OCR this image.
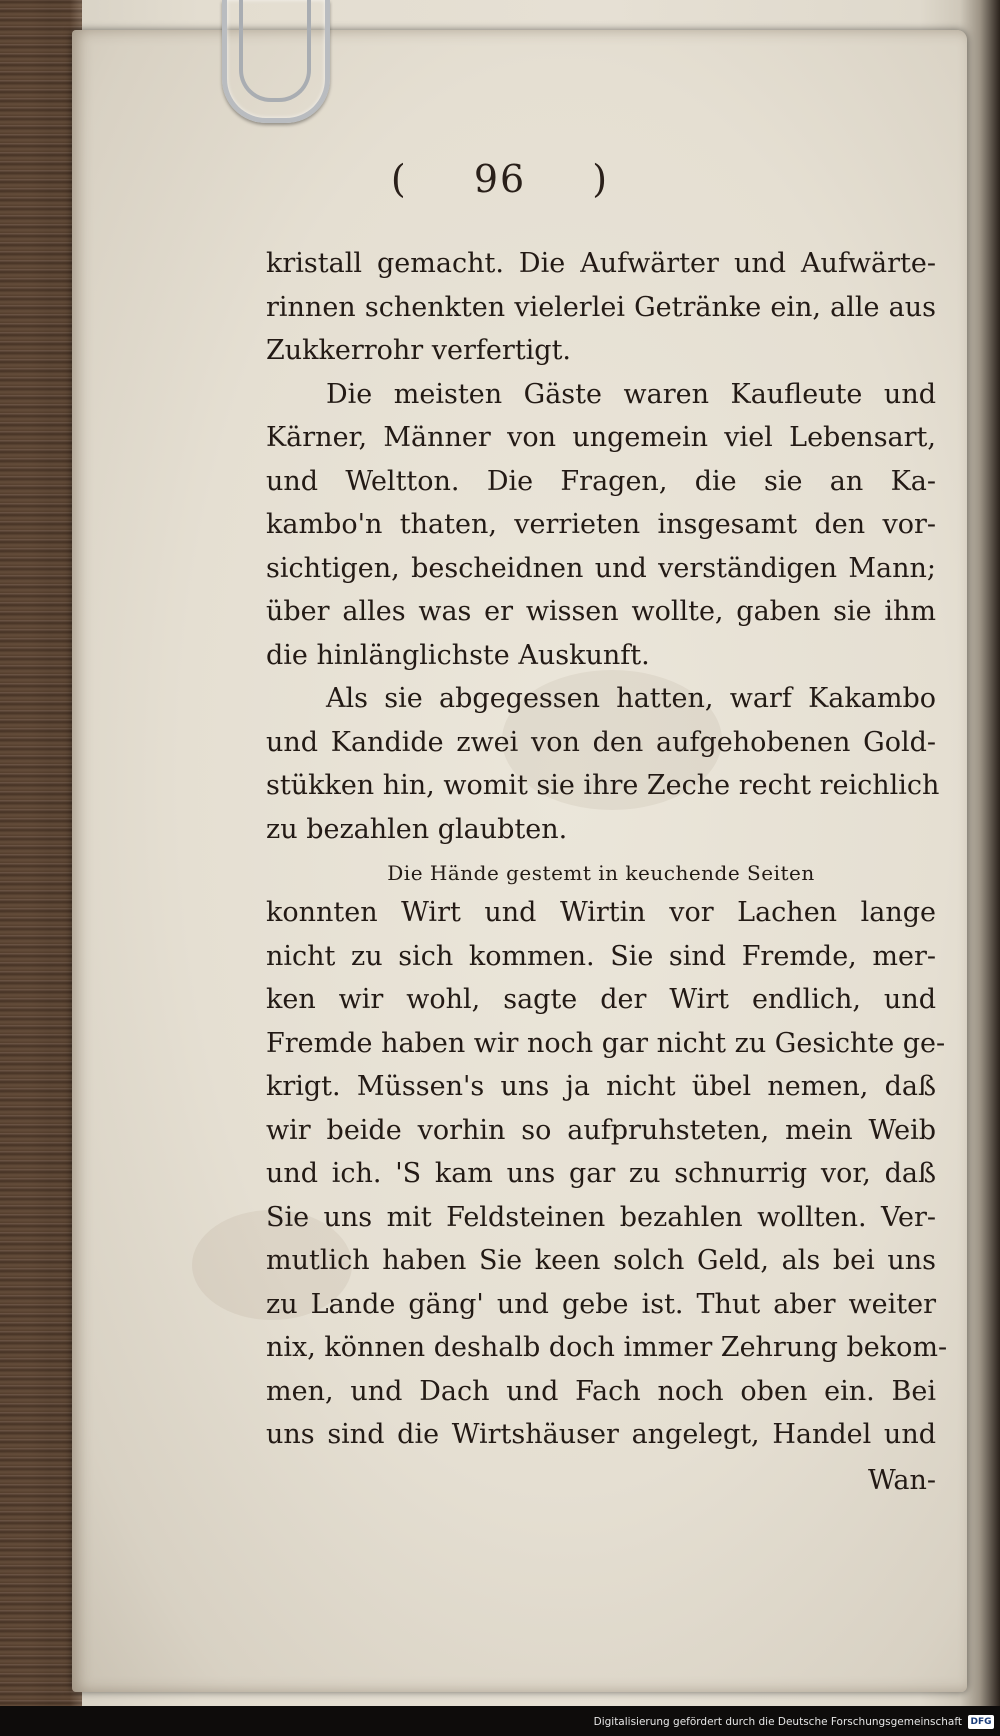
( 96 )
kristall gemacht. Die Aufwärter und Aufwärte-
rinnen schenkten vielerlei Getränke ein, alle aus
Zukkerrohr verfertigt.
Die meisten Gäste waren Kaufleute und
Kärner, Männer von ungemein viel Lebensart,
und Weltton. Die Fragen, die sie an Ka-
kambo'n thaten, verrieten insgesamt den vor-
sichtigen, bescheidnen und verständigen Mann;
über alles was er wissen wollte, gaben sie ihm
die hinlänglichste Auskunft.
Als sie abgegessen hatten, warf Kakambo
und Kandide zwei von den aufgehobenen Gold-
stükken hin, womit sie ihre Zeche recht reichlich
zu bezahlen glaubten.
Die Hände gestemt in keuchende Seiten
konnten Wirt und Wirtin vor Lachen lange
nicht zu sich kommen. Sie sind Fremde, mer-
ken wir wohl, sagte der Wirt endlich, und
Fremde haben wir noch gar nicht zu Gesichte ge-
krigt. Müssen's uns ja nicht übel nemen, daß
wir beide vorhin so aufpruhsteten, mein Weib
und ich. 'S kam uns gar zu schnurrig vor, daß
Sie uns mit Feldsteinen bezahlen wollten. Ver-
mutlich haben Sie keen solch Geld, als bei uns
zu Lande gäng' und gebe ist. Thut aber weiter
nix, können deshalb doch immer Zehrung bekom-
men, und Dach und Fach noch oben ein. Bei
uns sind die Wirtshäuser angelegt, Handel und
Wan-
Digitalisierung gefördert durch die Deutsche Forschungsgemeinschaft DFG
